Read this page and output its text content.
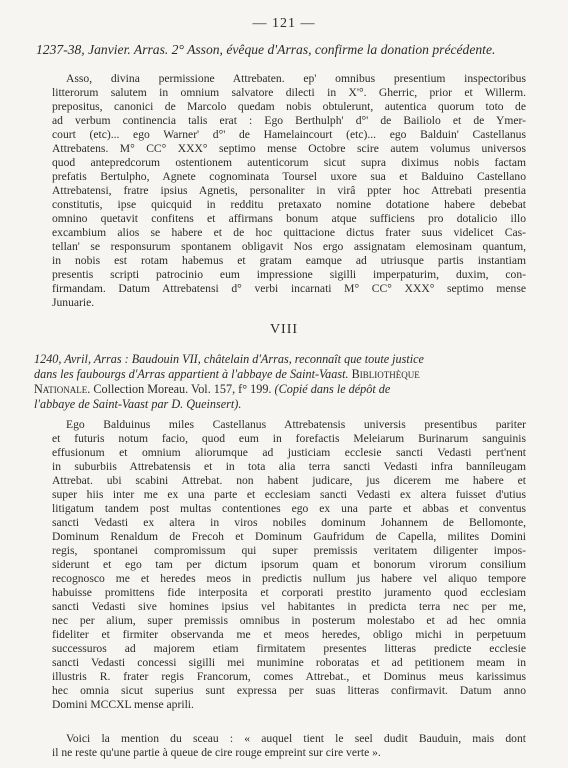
— 121 —
1237-38, Janvier. Arras. 2° Asson, évêque d'Arras, confirme la donation précédente.
Asso, divina permissione Attrebaten. ep' omnibus presentium inspectoribus
litterorum salutem in omnium salvatore dilecti in X'°. Gherric, prior et Willerm.
prepositus, canonici de Marcolo quedam nobis obtulerunt, autentica quorum toto de
ad verbum continencia talis erat : Ego Berthulph' d°' de Bailiolo et de Ymer-
court (etc)... ego Warner' d°' de Hamelaincourt (etc)... ego Balduin' Castellanus
Attrebatens. M° CC° XXX° septimo mense Octobre scire autem volumus universos
quod antepredcorum ostentionem autenticorum sicut supra diximus nobis factam
prefatis Bertulpho, Agnete cognominata Toursel uxore sua et Balduino Castellano
Attrebatensi, fratre ipsius Agnetis, personaliter in virâ ppter hoc Attrebati presentia
constitutis, ipse quicquid in redditu pretaxato nomine dotatione habere debebat
omnino quetavit confitens et affirmans bonum atque sufficiens pro dotalicio illo
excambium alios se habere et de hoc quittacione dictus frater suus videlicet Cas-
tellan' se responsurum spontanem obligavit Nos ergo assignatam elemosinam quantum,
in nobis est rotam habemus et gratam eamque ad utriusque partis instantiam
presentis scripti patrocinio eum impressione sigilli imperpaturim, duxim, con-
firmandam. Datum Attrebatensi d° verbi incarnati M° CC° XXX° septimo mense
Junuarie.
VIII
1240, Avril, Arras : Baudouin VII, châtelain d'Arras, reconnaît que toute justice
dans les faubourgs d'Arras appartient à l'abbaye de Saint-Vaast. Bibliothèque
Nationale. Collection Moreau. Vol. 157, f° 199. (Copié dans le dépôt de
l'abbaye de Saint-Vaast par D. Queinsert).
Ego Balduinus miles Castellanus Attrebatensis universis presentibus pariter
et futuris notum facio, quod eum in forefactis Meleiarum Burinarum sanguinis
effusionum et omnium aliorumque ad justiciam ecclesie sancti Vedasti pert'nent
in suburbiis Attrebatensis et in tota alia terra sancti Vedasti infra banníleugam
Attrebat. ubi scabini Attrebat. non habent judicare, jus dicerem me habere et
super hiis inter me ex una parte et ecclesiam sancti Vedasti ex altera fuisset d'utius
litigatum tandem post multas contentiones ego ex una parte et abbas et conventus
sancti Vedasti ex altera in viros nobiles dominum Johannem de Bellomonte,
Dominum Renaldum de Frecoh et Dominum Gaufridum de Capella, milites Domini
regis, spontanei compromissum qui super premissis veritatem diligenter impos-
siderunt et ego tam per dictum ipsorum quam et bonorum virorum consilium
recognosco me et heredes meos in predictis nullum jus habere vel aliquo tempore
habuisse promittens fide interposita et corporati prestito juramento quod ecclesiam
sancti Vedasti sive homines ipsius vel habitantes in predicta terra nec per me,
nec per alium, super premissis omnibus in posterum molestabo et ad hec omnia
fideliter et firmiter observanda me et meos heredes, obligo michi in perpetuum
successuros ad majorem etiam firmitatem presentes litteras predicte ecclesie
sancti Vedasti concessi sigilli mei munimine roboratas et ad petitionem meam in
illustris R. frater regis Francorum, comes Attrebat., et Dominus meus karissimus
hec omnia sicut superius sunt expressa per suas litteras confirmavit. Datum anno
Domini MCCXL mense aprili.
Voici la mention du sceau : « auquel tient le seel dudit Bauduin, mais dont
il ne reste qu'une partie à queue de cire rouge empreint sur cire verte ».
